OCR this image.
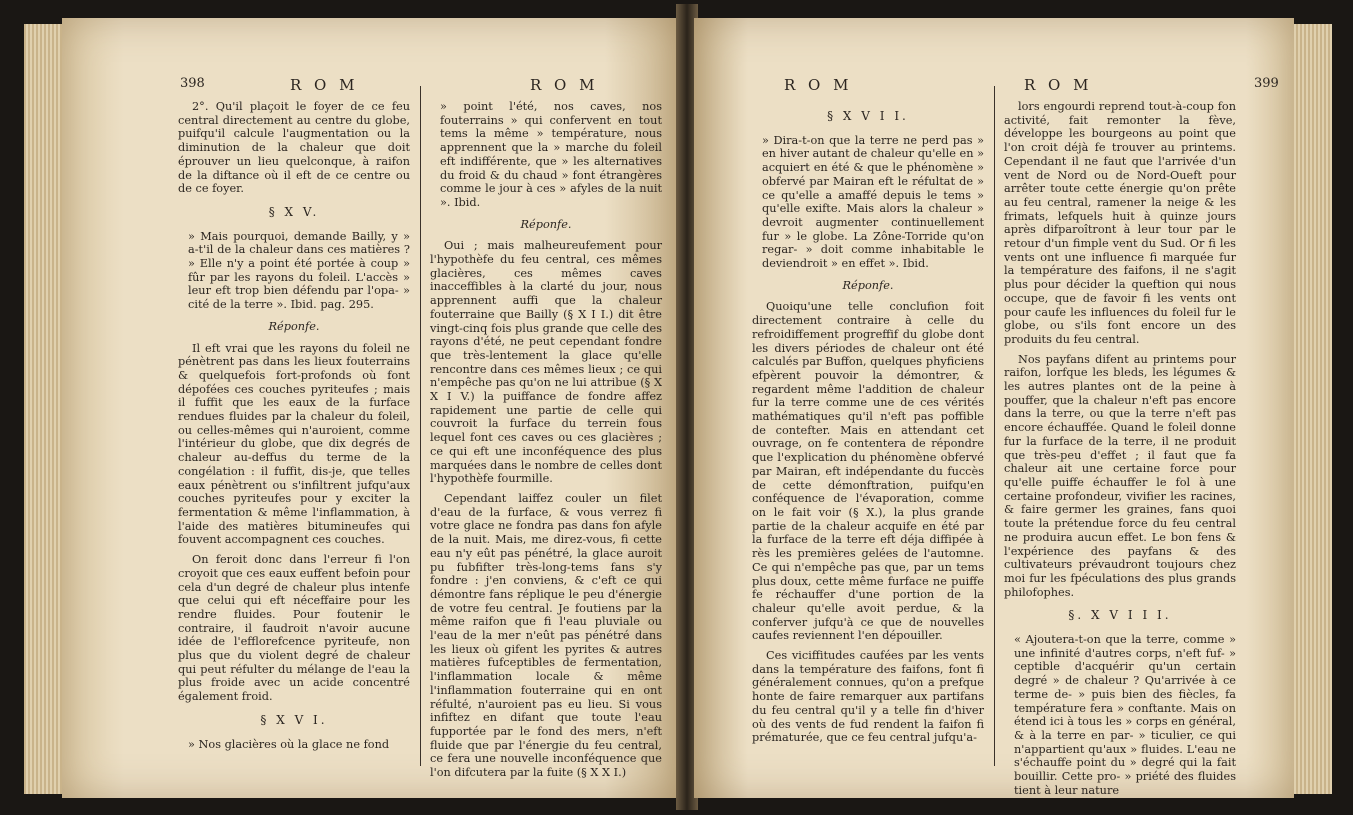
398	R O M	R O M

2°. Qu'il plaçoit le foyer de ce feu central directement au centre du globe, puifqu'il calcule l'augmentation ou la diminution de la chaleur que doit éprouver un lieu quelconque, à raifon de la diftance où il eft de ce centre ou de ce foyer.

§ X V.

» Mais pourquoi, demande Bailly, y » a-t'il de la chaleur dans ces matières ? » Elle n'y a point été portée à coup » fûr par les rayons du foleil. L'accès » leur eft trop bien défendu par l'opa- » cité de la terre ». Ibid. pag. 295.

Réponfe.

Il eft vrai que les rayons du foleil ne pénètrent pas dans les lieux fouterrains & quelquefois fort-profonds où font dépofées ces couches pyriteufes ; mais il fuffit que les eaux de la furface rendues fluides par la chaleur du foleil, ou celles-mêmes qui n'auroient, comme l'intérieur du globe, que dix degrés de chaleur au-deffus du terme de la congélation : il fuffit, dis-je, que telles eaux pénètrent ou s'infiltrent jufqu'aux couches pyriteufes pour y exciter la fermentation & même l'inflammation, à l'aide des matières bitumineufes qui fouvent accompagnent ces couches.

On feroit donc dans l'erreur fi l'on croyoit que ces eaux euffent befoin pour cela d'un degré de chaleur plus intenfe que celui qui eft néceffaire pour les rendre fluides. Pour foutenir le contraire, il faudroit n'avoir aucune idée de l'efflorefcence pyriteufe, non plus que du violent degré de chaleur qui peut réfulter du mélange de l'eau la plus froide avec un acide concentré également froid.

§ X V I.

» Nos glacières où la glace ne fond

» point l'été, nos caves, nos fouterrains » qui confervent en tout tems la même » température, nous apprennent que la » marche du foleil eft indifférente, que » les alternatives du froid & du chaud » font étrangères comme le jour à ces » afyles de la nuit ». Ibid.

Réponfe.

Oui ; mais malheureufement pour l'hypothèfe du feu central, ces mêmes glacières, ces mêmes caves inacceffibles à la clarté du jour, nous apprennent auffi que la chaleur fouterraine que Bailly (§ X I I.) dit être vingt-cinq fois plus grande que celle des rayons d'été, ne peut cependant fondre que très-lentement la glace qu'elle rencontre dans ces mêmes lieux ; ce qui n'empêche pas qu'on ne lui attribue (§ X X I V.) la puiffance de fondre affez rapidement une partie de celle qui couvroit la furface du terrein fous lequel font ces caves ou ces glacières ; ce qui eft une inconféquence des plus marquées dans le nombre de celles dont l'hypothèfe fourmille.

Cependant laiffez couler un filet d'eau de la furface, & vous verrez fi votre glace ne fondra pas dans fon afyle de la nuit. Mais, me direz-vous, fi cette eau n'y eût pas pénétré, la glace auroit pu fubfifter très-long-tems fans s'y fondre : j'en conviens, & c'eft ce qui démontre fans réplique le peu d'énergie de votre feu central. Je foutiens par la même raifon que fi l'eau pluviale ou l'eau de la mer n'eût pas pénétré dans les lieux où gifent les pyrites & autres matières fufceptibles de fermentation, l'inflammation locale & même l'inflammation fouterraine qui en ont réfulté, n'auroient pas eu lieu. Si vous infiftez en difant que toute l'eau fupportée par le fond des mers, n'eft fluide que par l'énergie du feu central, ce fera une nouvelle inconféquence que l'on difcutera par la fuite (§ X X I.)

R O M	R O M	399

§ X V I I.

» Dira-t-on que la terre ne perd pas » en hiver autant de chaleur qu'elle en » acquiert en été & que le phénomène » obfervé par Mairan eft le réfultat de » ce qu'elle a amaffé depuis le tems » qu'elle exifte. Mais alors la chaleur » devroit augmenter continuellement fur » le globe. La Zône-Torride qu'on regar- » doit comme inhabitable le deviendroit » en effet ». Ibid.

Réponfe.

Quoiqu'une telle conclufion foit directement contraire à celle du refroidiffement progreffif du globe dont les divers périodes de chaleur ont été calculés par Buffon, quelques phyficiens efpèrent pouvoir la démontrer, & regardent même l'addition de chaleur fur la terre comme une de ces vérités mathématiques qu'il n'eft pas poffible de contefter. Mais en attendant cet ouvrage, on fe contentera de répondre que l'explication du phénomène obfervé par Mairan, eft indépendante du fuccès de cette démonftration, puifqu'en conféquence de l'évaporation, comme on le fait voir (§ X.), la plus grande partie de la chaleur acquife en été par la furface de la terre eft déja diffipée à rès les premières gelées de l'automne. Ce qui n'empêche pas que, par un tems plus doux, cette même furface ne puiffe fe réchauffer d'une portion de la chaleur qu'elle avoit perdue, & la conferver jufqu'à ce que de nouvelles caufes reviennent l'en dépouiller.

Ces viciffitudes caufées par les vents dans la température des faifons, font fi généralement connues, qu'on a prefque honte de faire remarquer aux partifans du feu central qu'il y a telle fin d'hiver où des vents de fud rendent la faifon fi prématurée, que ce feu central jufqu'a-

lors engourdi reprend tout-à-coup fon activité, fait remonter la fève, développe les bourgeons au point que l'on croit déjà fe trouver au printems. Cependant il ne faut que l'arrivée d'un vent de Nord ou de Nord-Oueft pour arrêter toute cette énergie qu'on prête au feu central, ramener la neige & les frimats, lefquels huit à quinze jours après difparoîtront à leur tour par le retour d'un fimple vent du Sud. Or fi les vents ont une influence fi marquée fur la température des faifons, il ne s'agit plus pour décider la queftion qui nous occupe, que de favoir fi les vents ont pour caufe les influences du foleil fur le globe, ou s'ils font encore un des produits du feu central.

Nos payfans difent au printems pour raifon, lorfque les bleds, les légumes & les autres plantes ont de la peine à pouffer, que la chaleur n'eft pas encore dans la terre, ou que la terre n'eft pas encore échauffée. Quand le foleil donne fur la furface de la terre, il ne produit que très-peu d'effet ; il faut que fa chaleur ait une certaine force pour qu'elle puiffe échauffer le fol à une certaine profondeur, vivifier les racines, & faire germer les graines, fans quoi toute la prétendue force du feu central ne produira aucun effet. Le bon fens & l'expérience des payfans & des cultivateurs prévaudront toujours chez moi fur les fpéculations des plus grands philofophes.

§. X V I I I.

« Ajoutera-t-on que la terre, comme » une infinité d'autres corps, n'eft fuf- » ceptible d'acquérir qu'un certain degré » de chaleur ? Qu'arrivée à ce terme de- » puis bien des fiècles, fa température fera » conftante. Mais on étend ici à tous les » corps en général, & à la terre en par- » ticulier, ce qui n'appartient qu'aux » fluides. L'eau ne s'échauffe point du » degré qui la fait bouillir. Cette pro- » priété des fluides tient à leur nature
